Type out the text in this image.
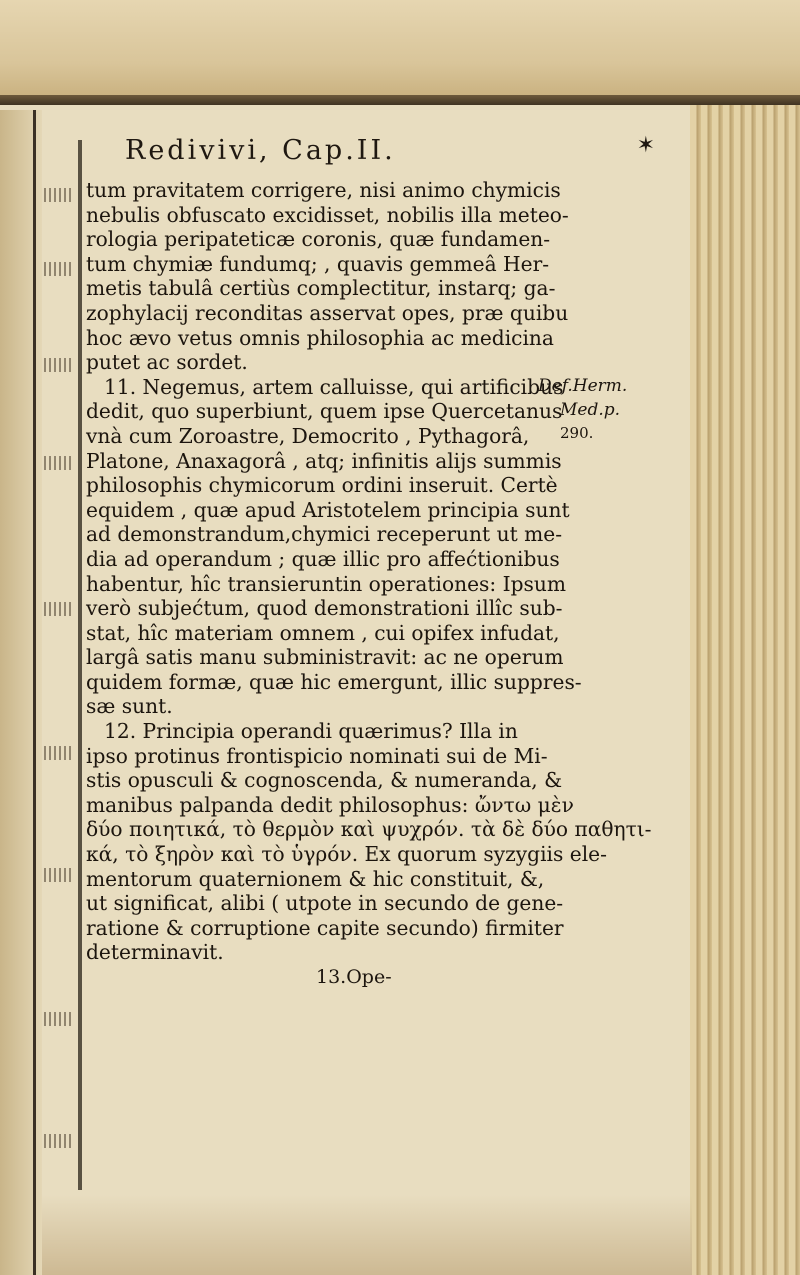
Redivivi, Cap.II.	✶
tum pravitatem corrigere, nisi animo chymicis
nebulis obfuscato excidisset, nobilis illa meteo-
rologia peripateticæ coronis, quæ fundamen-
tum chymiæ fundumq; , quavis gemmeâ Her-
metis tabulâ certiùs complectitur, instarq; ga-
zophylacij reconditas asservat opes, præ quibu
hoc ævo vetus omnis philosophia ac medicina
putet ac sordet.
11. Negemus, artem calluisse, qui artificibus
dedit, quo superbiunt, quem ipse Quercetanus
vnà cum Zoroastre, Democrito , Pythagorâ,
Platone, Anaxagorâ , atq; infinitis alijs summis
philosophis chymicorum ordini inseruit. Certè
equidem , quæ apud Aristotelem principia sunt
ad demonstrandum,chymici receperunt ut me-
dia ad operandum ; quæ illic pro affećtionibus
habentur, hîc transieruntin operationes: Ipsum
verò subjećtum, quod demonstrationi illîc sub-
stat, hîc materiam omnem , cui opifex infudat,
largâ satis manu subministravit: ac ne operum
quidem formæ, quæ hic emergunt, illic suppres-
sæ sunt.
12. Principia operandi quærimus? Illa in
ipso protinus frontispicio nominati sui de Mi-
stis opusculi & cognoscenda, & numeranda, &
manibus palpanda dedit philosophus: ὤντω μὲν
δύο ποιητικά, τὸ θερμὸν καὶ ψυχρόν. τὰ δὲ δύο παθητι-
κά, τὸ ξηρὸν καὶ τὸ ὑγρόν. Ex quorum syzygiis ele-
mentorum quaternionem & hic constituit, &,
ut significat, alibi ( utpote in secundo de gene-
ratione & corruptione capite secundo) firmiter
determinavit.
13.Ope-
Def.Herm.
Med.p.
290.
